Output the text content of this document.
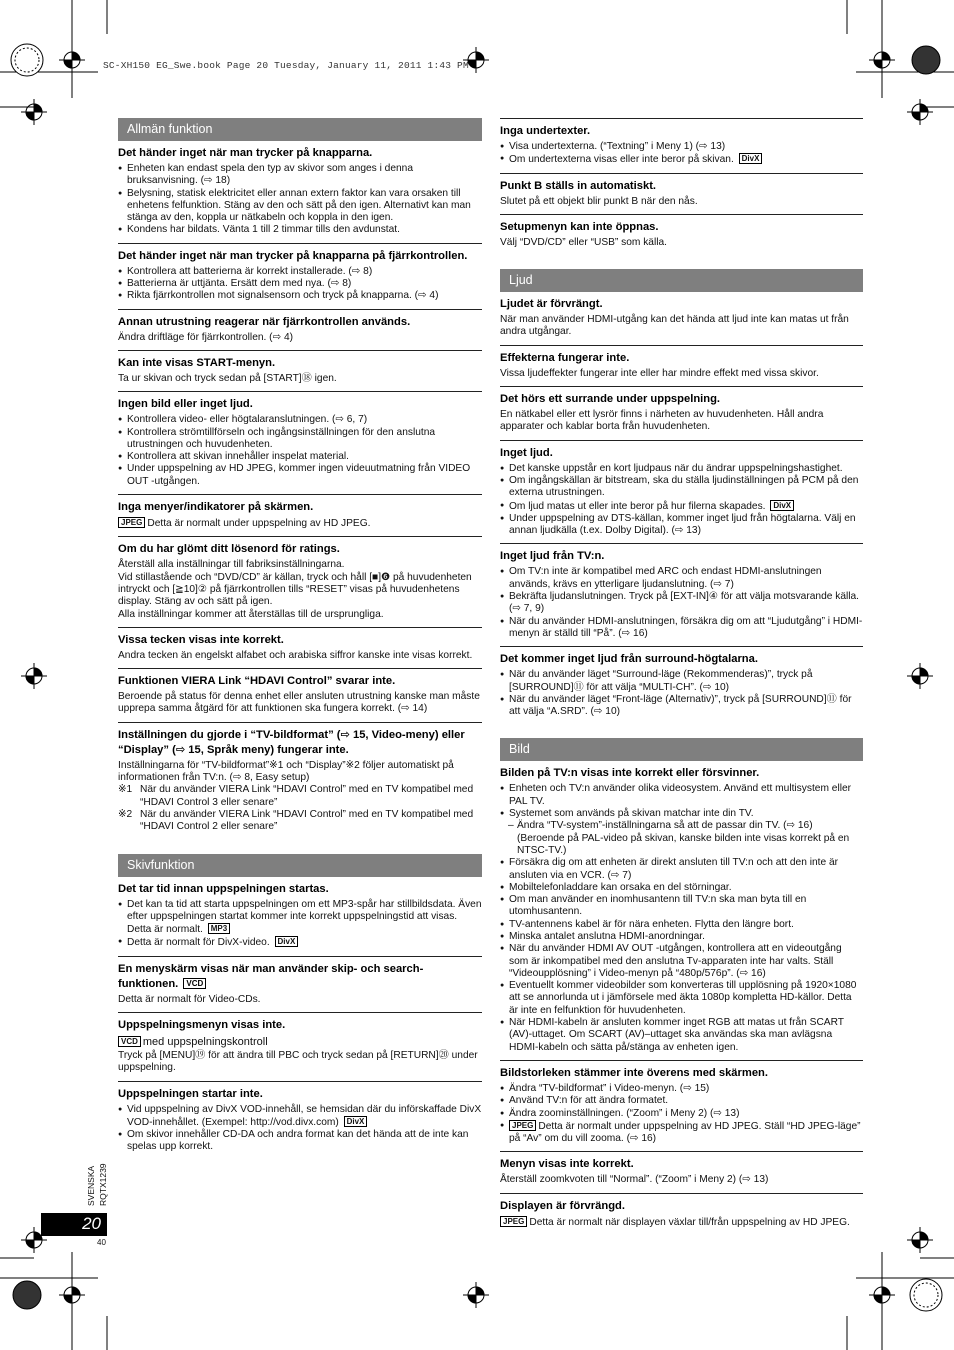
SC-XH150 EG_Swe.book Page 20 Tuesday, January 11, 2011 1:43 PM
Allmän funktion
Det händer inget när man trycker på knapparna.
● Enheten kan endast spela den typ av skivor som anges i denna bruksanvisning. (⇨ 18)
● Belysning, statisk elektricitet eller annan extern faktor kan vara orsaken till enhetens felfunktion. Stäng av den och sätt på den igen. Alternativt kan man stänga av den, koppla ur nätkabeln och koppla in den igen.
● Kondens har bildats. Vänta 1 till 2 timmar tills den avdunstat.
Det händer inget när man trycker på knapparna på fjärrkontrollen.
● Kontrollera att batterierna är korrekt installerade. (⇨ 8)
● Batterierna är uttjänta. Ersätt dem med nya. (⇨ 8)
● Rikta fjärrkontrollen mot signalsensorn och tryck på knapparna. (⇨ 4)
Annan utrustning reagerar när fjärrkontrollen används.
Ändra driftläge för fjärrkontrollen. (⇨ 4)
Kan inte visas START-menyn.
Ta ur skivan och tryck sedan på [START]⑱ igen.
Ingen bild eller inget ljud.
● Kontrollera video- eller högtalaranslutningen. (⇨ 6, 7)
● Kontrollera strömtillförseln och ingångsinställningen för den anslutna utrustningen och huvudenheten.
● Kontrollera att skivan innehåller inspelat material.
● Under uppspelning av HD JPEG, kommer ingen videuutmatning från VIDEO OUT -utgången.
Inga menyer/indikatorer på skärmen.
JPEG Detta är normalt under uppspelning av HD JPEG.
Om du har glömt ditt lösenord för ratings.
Återställ alla inställningar till fabriksinställningarna.
Vid stillastående och “DVD/CD” är källan, tryck och håll [■]❻ på huvudenheten intryckt och [≧10]② på fjärrkontrollen tills “RESET” visas på huvudenhetens display. Stäng av och sätt på igen.
Alla inställningar kommer att återställas till de ursprungliga.
Vissa tecken visas inte korrekt.
Andra tecken än engelskt alfabet och arabiska siffror kanske inte visas korrekt.
Funktionen VIERA Link “HDAVI Control” svarar inte.
Beroende på status för denna enhet eller ansluten utrustning kanske man måste upprepa samma åtgärd för att funktionen ska fungera korrekt. (⇨ 14)
Inställningen du gjorde i “TV-bildformat” (⇨ 15, Video-meny) eller “Display” (⇨ 15, Språk meny) fungerar inte.
Inställningarna för “TV-bildformat”※1 och “Display”※2 följer automatiskt på informationen från TV:n. (⇨ 8, Easy setup)
※1 När du använder VIERA Link “HDAVI Control” med en TV kompatibel med “HDAVI Control 3 eller senare”
※2 När du använder VIERA Link “HDAVI Control” med en TV kompatibel med “HDAVI Control 2 eller senare”
Skivfunktion
Det tar tid innan uppspelningen startas.
● Det kan ta tid att starta uppspelningen om ett MP3-spår har stillbildsdata. Även efter uppspelningen startat kommer inte korrekt uppspelningstid att visas. Detta är normalt. MP3
● Detta är normalt för DivX-video. DivX
En menyskärm visas när man använder skip- och search-funktionen. VCD
Detta är normalt för Video-CDs.
Uppspelningsmenyn visas inte.
VCD med uppspelningskontroll
Tryck på [MENU]⑲ för att ändra till PBC och tryck sedan på [RETURN]⑳ under uppspelning.
Uppspelningen startar inte.
● Vid uppspelning av DivX VOD-innehåll, se hemsidan där du införskaffade DivX VOD-innehållet. (Exempel: http://vod.divx.com) DivX
● Om skivor innehåller CD-DA och andra format kan det hända att de inte kan spelas upp korrekt.
Inga undertexter.
● Visa undertexterna. (“Textning” i Meny 1) (⇨ 13)
● Om undertexterna visas eller inte beror på skivan. DivX
Punkt B ställs in automatiskt.
Slutet på ett objekt blir punkt B när den nås.
Setupmenyn kan inte öppnas.
Välj “DVD/CD” eller “USB” som källa.
Ljud
Ljudet är förvrängt.
När man använder HDMI-utgång kan det hända att ljud inte kan matas ut från andra utgångar.
Effekterna fungerar inte.
Vissa ljudeffekter fungerar inte eller har mindre effekt med vissa skivor.
Det hörs ett surrande under uppspelning.
En nätkabel eller ett lysrör finns i närheten av huvudenheten. Håll andra apparater och kablar borta från huvudenheten.
Inget ljud.
● Det kanske uppstår en kort ljudpaus när du ändrar uppspelningshastighet.
● Om ingångskällan är bitstream, ska du ställa ljudinställningen på PCM på den externa utrustningen.
● Om ljud matas ut eller inte beror på hur filerna skapades. DivX
● Under uppspelning av DTS-källan, kommer inget ljud från högtalarna. Välj en annan ljudkälla (t.ex. Dolby Digital). (⇨ 13)
Inget ljud från TV:n.
● Om TV:n inte är kompatibel med ARC och endast HDMI-anslutningen används, krävs en ytterligare ljudanslutning. (⇨ 7)
● Bekräfta ljudanslutningen. Tryck på [EXT-IN]④ för att välja motsvarande källa. (⇨ 7, 9)
● När du använder HDMI-anslutningen, försäkra dig om att “Ljudutgång” i HDMI-menyn är ställd till “På”. (⇨ 16)
Det kommer inget ljud från surround-högtalarna.
● När du använder läget “Surround-läge (Rekommenderas)”, tryck på [SURROUND]⑪ för att välja “MULTI-CH”. (⇨ 10)
● När du använder läget “Front-läge (Alternativ)”, tryck på [SURROUND]⑪ för att välja “A.SRD”. (⇨ 10)
Bild
Bilden på TV:n visas inte korrekt eller försvinner.
● Enheten och TV:n använder olika videosystem. Använd ett multisystem eller PAL TV.
● Systemet som används på skivan matchar inte din TV.
– Ändra “TV-system”-inställningarna så att de passar din TV. (⇨ 16)
(Beroende på PAL-video på skivan, kanske bilden inte visas korrekt på en NTSC-TV.)
● Försäkra dig om att enheten är direkt ansluten till TV:n och att den inte är ansluten via en VCR. (⇨ 7)
● Mobiltelefonladdare kan orsaka en del störningar.
● Om man använder en inomhusantenn till TV:n ska man byta till en utomhusantenn.
● TV-antennens kabel är för nära enheten. Flytta den längre bort.
● Minska antalet anslutna HDMI-anordningar.
● När du använder HDMI AV OUT -utgången, kontrollera att en videoutgång som är inkompatibel med den anslutna Tv-apparaten inte har valts. Ställ “Videoupplösning” i Video-menyn på “480p/576p”. (⇨ 16)
● Eventuellt kommer videobilder som konverteras till upplösning på 1920×1080 att se annorlunda ut i jämförsele med äkta 1080p kompletta HD-källor. Detta är inte en felfunktion för huvudenheten.
● När HDMI-kabeln är ansluten kommer inget RGB att matas ut från SCART (AV)-uttaget. Om SCART (AV)–uttaget ska användas ska man avlägsna HDMI-kabeln och sätta på/stänga av enheten igen.
Bildstorleken stämmer inte överens med skärmen.
● Ändra “TV-bildformat” i Video-menyn. (⇨ 15)
● Använd TV:n för att ändra formatet.
● Ändra zoominställningen. (“Zoom” i Meny 2) (⇨ 13)
● JPEG Detta är normalt under uppspelning av HD JPEG. Ställ “HD JPEG-läge” på “Av” om du vill zooma. (⇨ 16)
Menyn visas inte korrekt.
Återställ zoomkvoten till “Normal”. (“Zoom” i Meny 2) (⇨ 13)
Displayen är förvrängd.
JPEG Detta är normalt när displayen växlar till/från uppspelning av HD JPEG.
SVENSKA RQTX1239
20
40
